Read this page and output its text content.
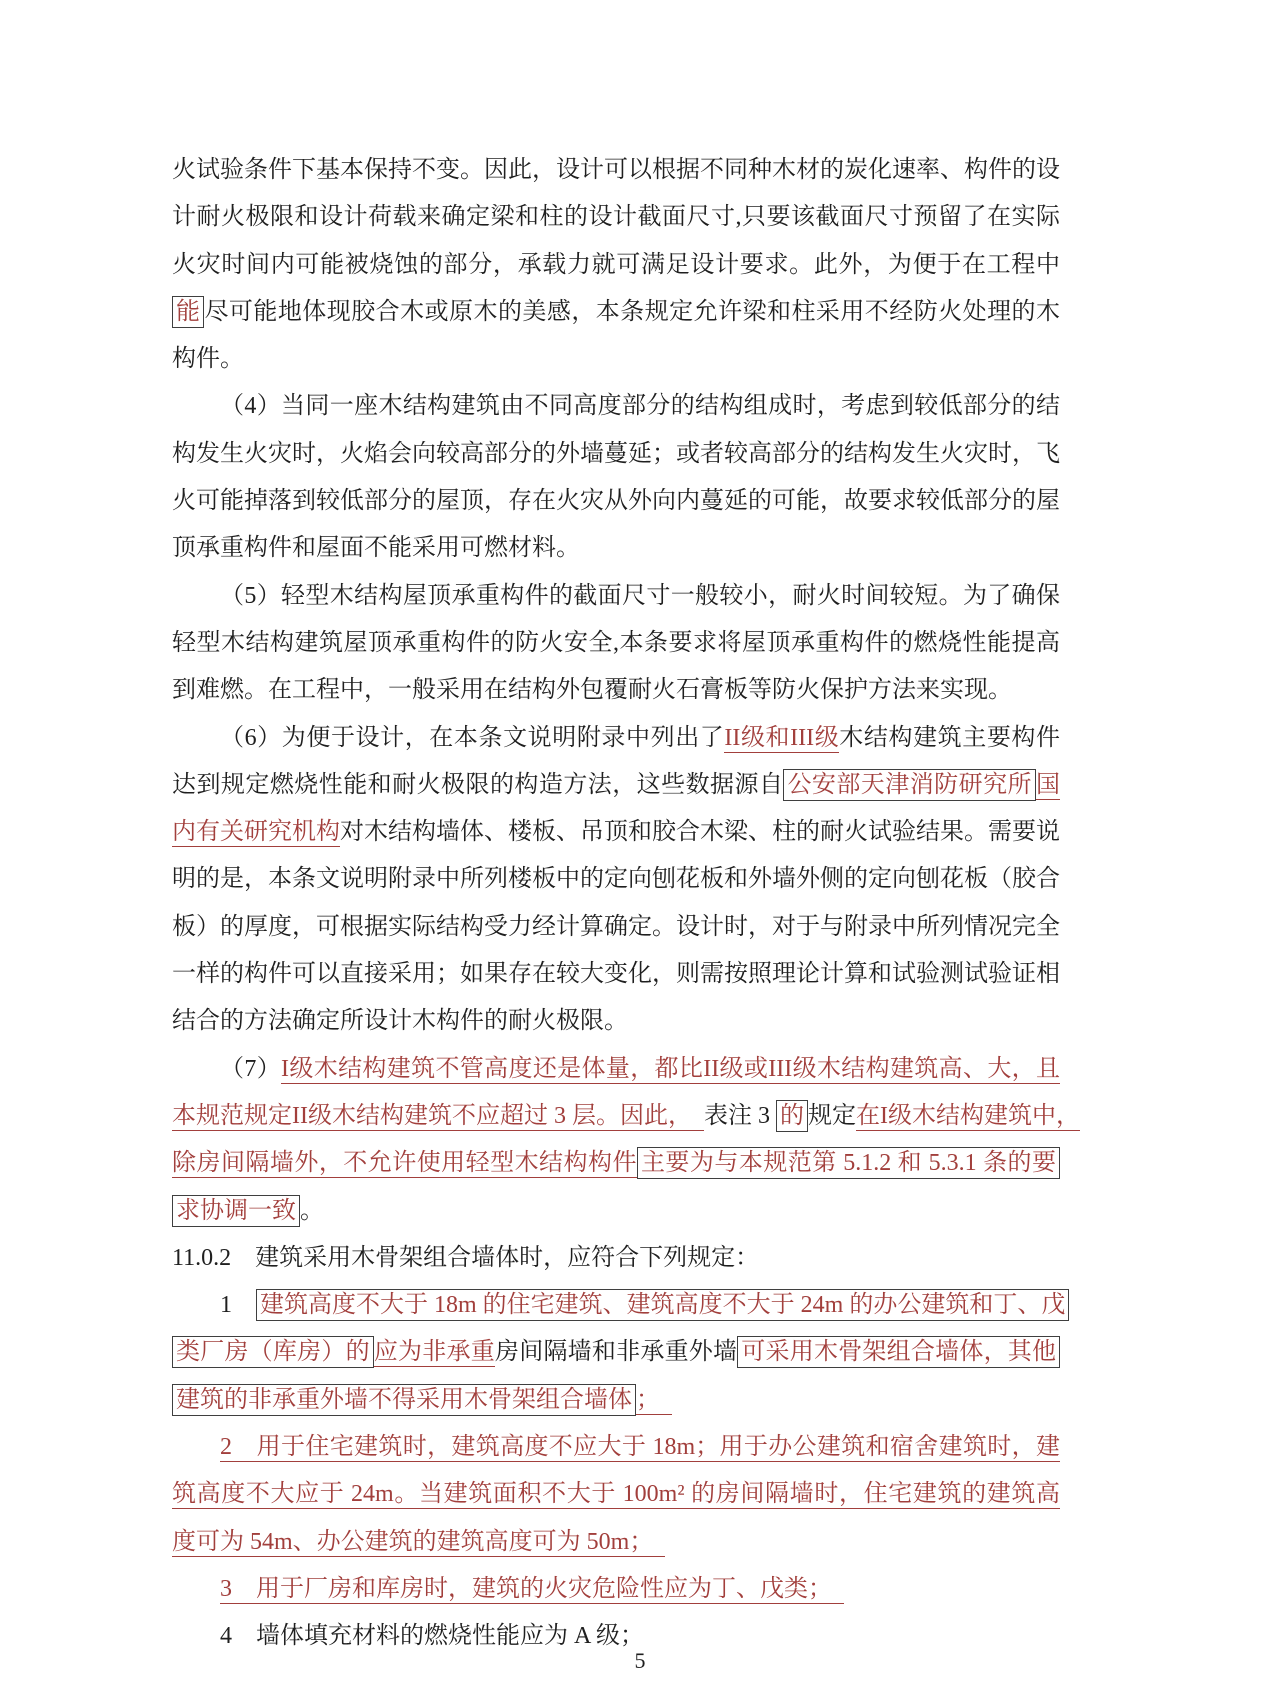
火试验条件下基本保持不变。因此，设计可以根据不同种木材的炭化速率、构件的设
计耐火极限和设计荷载来确定梁和柱的设计截面尺寸,只要该截面尺寸预留了在实际
火灾时间内可能被烧蚀的部分，承载力就可满足设计要求。此外，为便于在工程中
能 尽可能地体现胶合木或原木的美感，本条规定允许梁和柱采用不经防火处理的木
构件。
（4）当同一座木结构建筑由不同高度部分的结构组成时，考虑到较低部分的结
构发生火灾时，火焰会向较高部分的外墙蔓延；或者较高部分的结构发生火灾时，飞
火可能掉落到较低部分的屋顶，存在火灾从外向内蔓延的可能，故要求较低部分的屋
顶承重构件和屋面不能采用可燃材料。
（5）轻型木结构屋顶承重构件的截面尺寸一般较小，耐火时间较短。为了确保
轻型木结构建筑屋顶承重构件的防火安全,本条要求将屋顶承重构件的燃烧性能提高
到难燃。在工程中，一般采用在结构外包覆耐火石膏板等防火保护方法来实现。
（6）为便于设计，在本条文说明附录中列出了II级和III级木结构建筑主要构件
达到规定燃烧性能和耐火极限的构造方法，这些数据源自 公安部天津消防研究所 国
内有关研究机构对木结构墙体、楼板、吊顶和胶合木梁、柱的耐火试验结果。需要说
明的是，本条文说明附录中所列楼板中的定向刨花板和外墙外侧的定向刨花板（胶合
板）的厚度，可根据实际结构受力经计算确定。设计时，对于与附录中所列情况完全
一样的构件可以直接采用；如果存在较大变化，则需按照理论计算和试验测试验证相
结合的方法确定所设计木构件的耐火极限。
（7）I级木结构建筑不管高度还是体量，都比II级或III级木结构建筑高、大，且
本规范规定II级木结构建筑不应超过 3 层。因此，　表注 3 的 规定在I级木结构建筑中，
除房间隔墙外，不允许使用轻型木结构构件 主要为与本规范第 5.1.2 和 5.3.1 条的要
求协调一致 。
11.0.2　建筑采用木骨架组合墙体时，应符合下列规定：
1　建筑高度不大于 18m 的住宅建筑、建筑高度不大于 24m 的办公建筑和丁、戊
类厂房（库房）的 应为非承重房间隔墙和非承重外墙 可采用木骨架组合墙体，其他
建筑的非承重外墙不得采用木骨架组合墙体 ；　
2　用于住宅建筑时，建筑高度不应大于 18m；用于办公建筑和宿舍建筑时，建
筑高度不大应于 24m。当建筑面积不大于 100m² 的房间隔墙时，住宅建筑的建筑高
度可为 54m、办公建筑的建筑高度可为 50m；　
3　用于厂房和库房时，建筑的火灾危险性应为丁、戊类；　
4　墙体填充材料的燃烧性能应为 A 级；
5
